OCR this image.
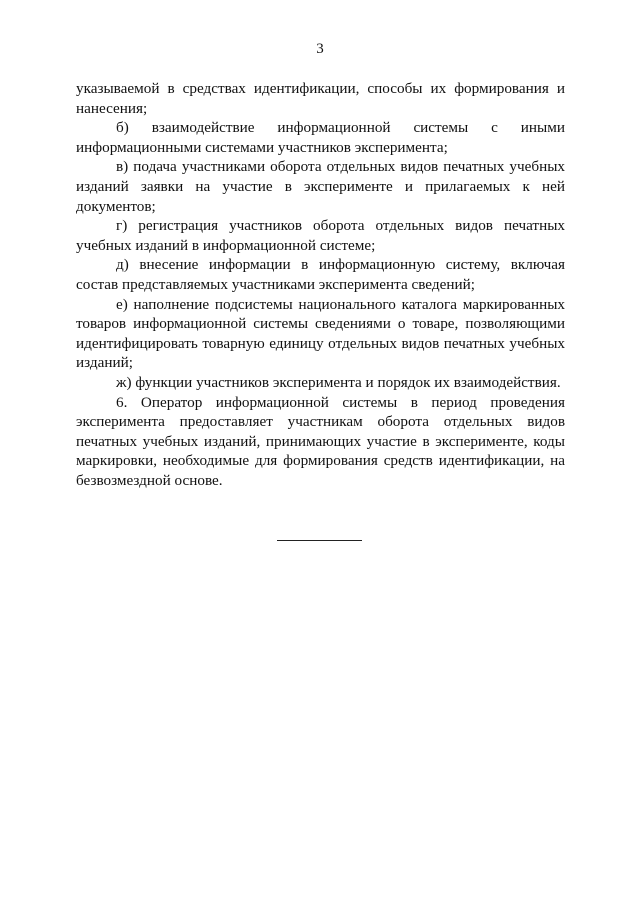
3

указываемой в средствах идентификации, способы их формирования и нанесения;

б) взаимодействие информационной системы с иными информационными системами участников эксперимента;

в) подача участниками оборота отдельных видов печатных учебных изданий заявки на участие в эксперименте и прилагаемых к ней документов;

г) регистрация участников оборота отдельных видов печатных учебных изданий в информационной системе;

д) внесение информации в информационную систему, включая состав представляемых участниками эксперимента сведений;

е) наполнение подсистемы национального каталога маркированных товаров информационной системы сведениями о товаре, позволяющими идентифицировать товарную единицу отдельных видов печатных учебных изданий;

ж) функции участников эксперимента и порядок их взаимодействия.

6. Оператор информационной системы в период проведения эксперимента предоставляет участникам оборота отдельных видов печатных учебных изданий, принимающих участие в эксперименте, коды маркировки, необходимые для формирования средств идентификации, на безвозмездной основе.
